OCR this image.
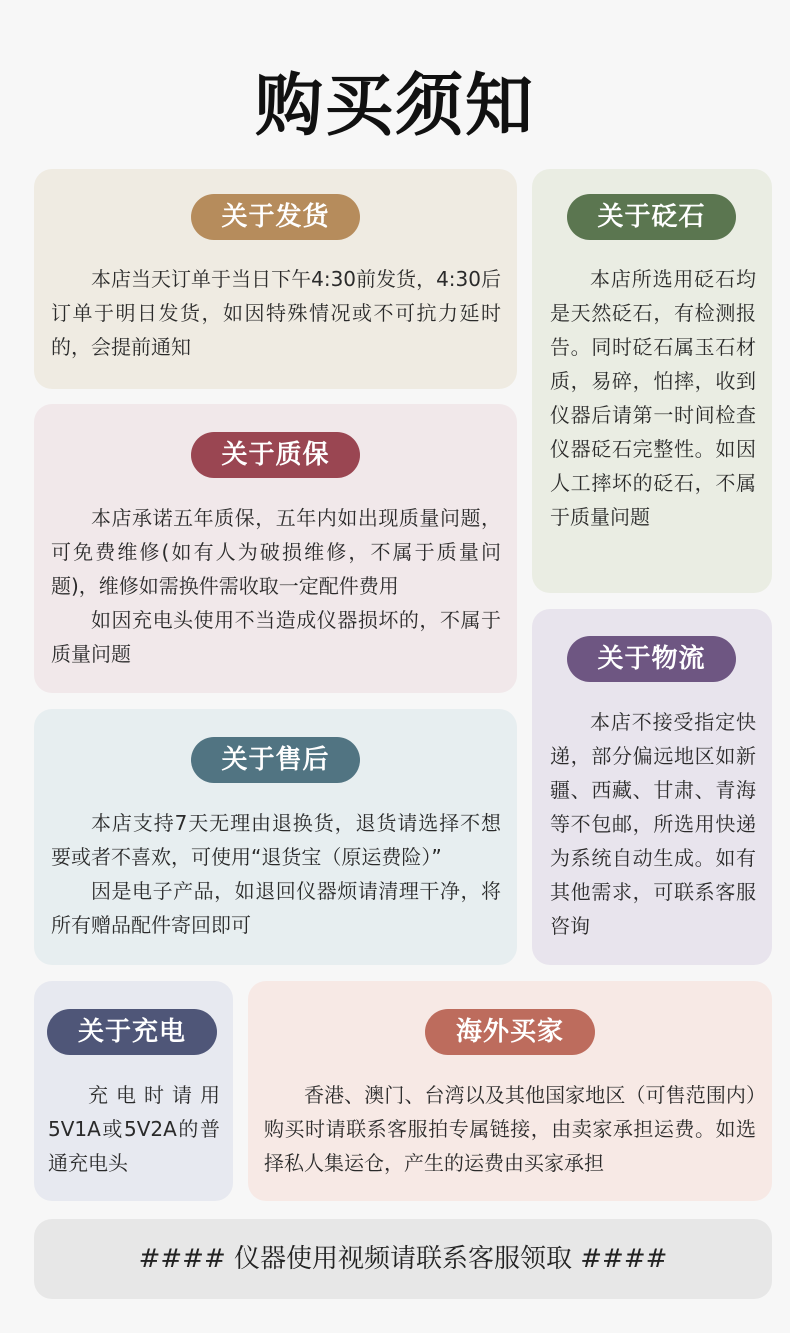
购买须知
关于发货

本店当天订单于当日下午4:30前发货，4:30后订单于明日发货，如因特殊情况或不可抗力延时的，会提前通知

关于质保

本店承诺五年质保，五年内如出现质量问题，可免费维修(如有人为破损维修，不属于质量问题)，维修如需换件需收取一定配件费用

如因充电头使用不当造成仪器损坏的，不属于质量问题

关于售后

本店支持7天无理由退换货，退货请选择不想要或者不喜欢，可使用“退货宝（原运费险）”

因是电子产品，如退回仪器烦请清理干净，将所有赠品配件寄回即可

关于砭石

本店所选用砭石均是天然砭石，有检测报告。同时砭石属玉石材质，易碎，怕摔，收到仪器后请第一时间检查仪器砭石完整性。如因人工摔坏的砭石，不属于质量问题

关于物流

本店不接受指定快递，部分偏远地区如新疆、西藏、甘肃、青海等不包邮，所选用快递为系统自动生成。如有其他需求，可联系客服咨询

关于充电

充电时请用5V1A或5V2A的普通充电头

海外买家

香港、澳门、台湾以及其他国家地区（可售范围内）购买时请联系客服拍专属链接，由卖家承担运费。如选择私人集运仓，产生的运费由买家承担

#### 仪器使用视频请联系客服领取 ####
